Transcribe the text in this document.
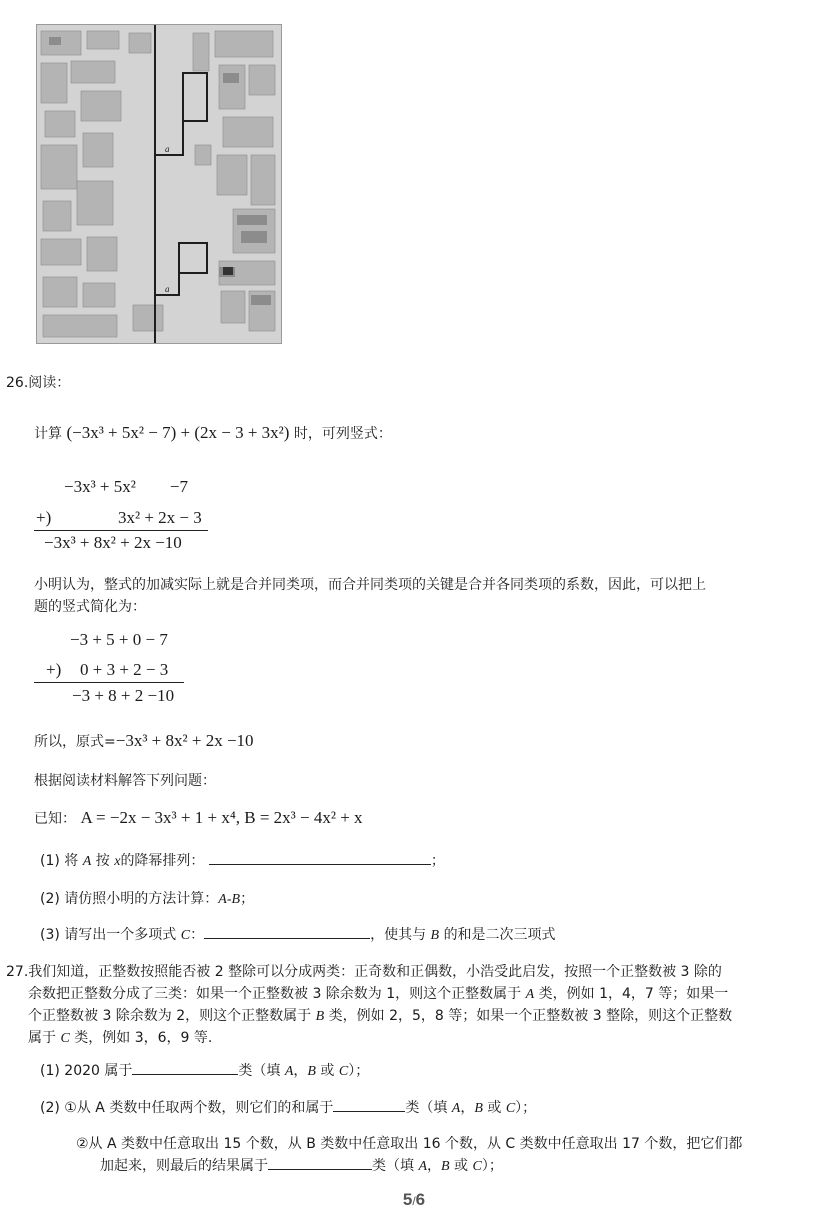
a
a
26.阅读：
计算 (−3x³ + 5x² − 7) + (2x − 3 + 3x²) 时，可列竖式：
−3x³ + 5x²        −7
+)	3x² + 2x − 3
−3x³ + 8x² + 2x −10
小明认为，整式的加减实际上就是合并同类项，而合并同类项的关键是合并各同类项的系数，因此，可以把上
题的竖式简化为：
−3 + 5 + 0 − 7
+) 0 + 3 + 2 − 3
−3 + 8 + 2 −10
所以，原式=−3x³ + 8x² + 2x −10
根据阅读材料解答下列问题：
已知： A = −2x − 3x³ + 1 + x⁴, B = 2x³ − 4x² + x
(1) 将 A 按 x的降幂排列：	；
(2) 请仿照小明的方法计算：A-B；
(3) 请写出一个多项式 C：	，使其与 B 的和是二次三项式
27.我们知道，正整数按照能否被 2 整除可以分成两类：正奇数和正偶数，小浩受此启发，按照一个正整数被 3 除的
余数把正整数分成了三类：如果一个正整数被 3 除余数为 1，则这个正整数属于 A 类，例如 1，4，7 等；如果一
个正整数被 3 除余数为 2，则这个正整数属于 B 类，例如 2，5，8 等；如果一个正整数被 3 整除，则这个正整数
属于 C 类，例如 3，6，9 等.
(1) 2020 属于	类（填 A，B 或 C）；
(2) ①从 A 类数中任取两个数，则它们的和属于	类（填 A，B 或 C）；
②从 A 类数中任意取出 15 个数，从 B 类数中任意取出 16 个数，从 C 类数中任意取出 17 个数，把它们都
加起来，则最后的结果属于	类（填 A，B 或 C）；
5/6
